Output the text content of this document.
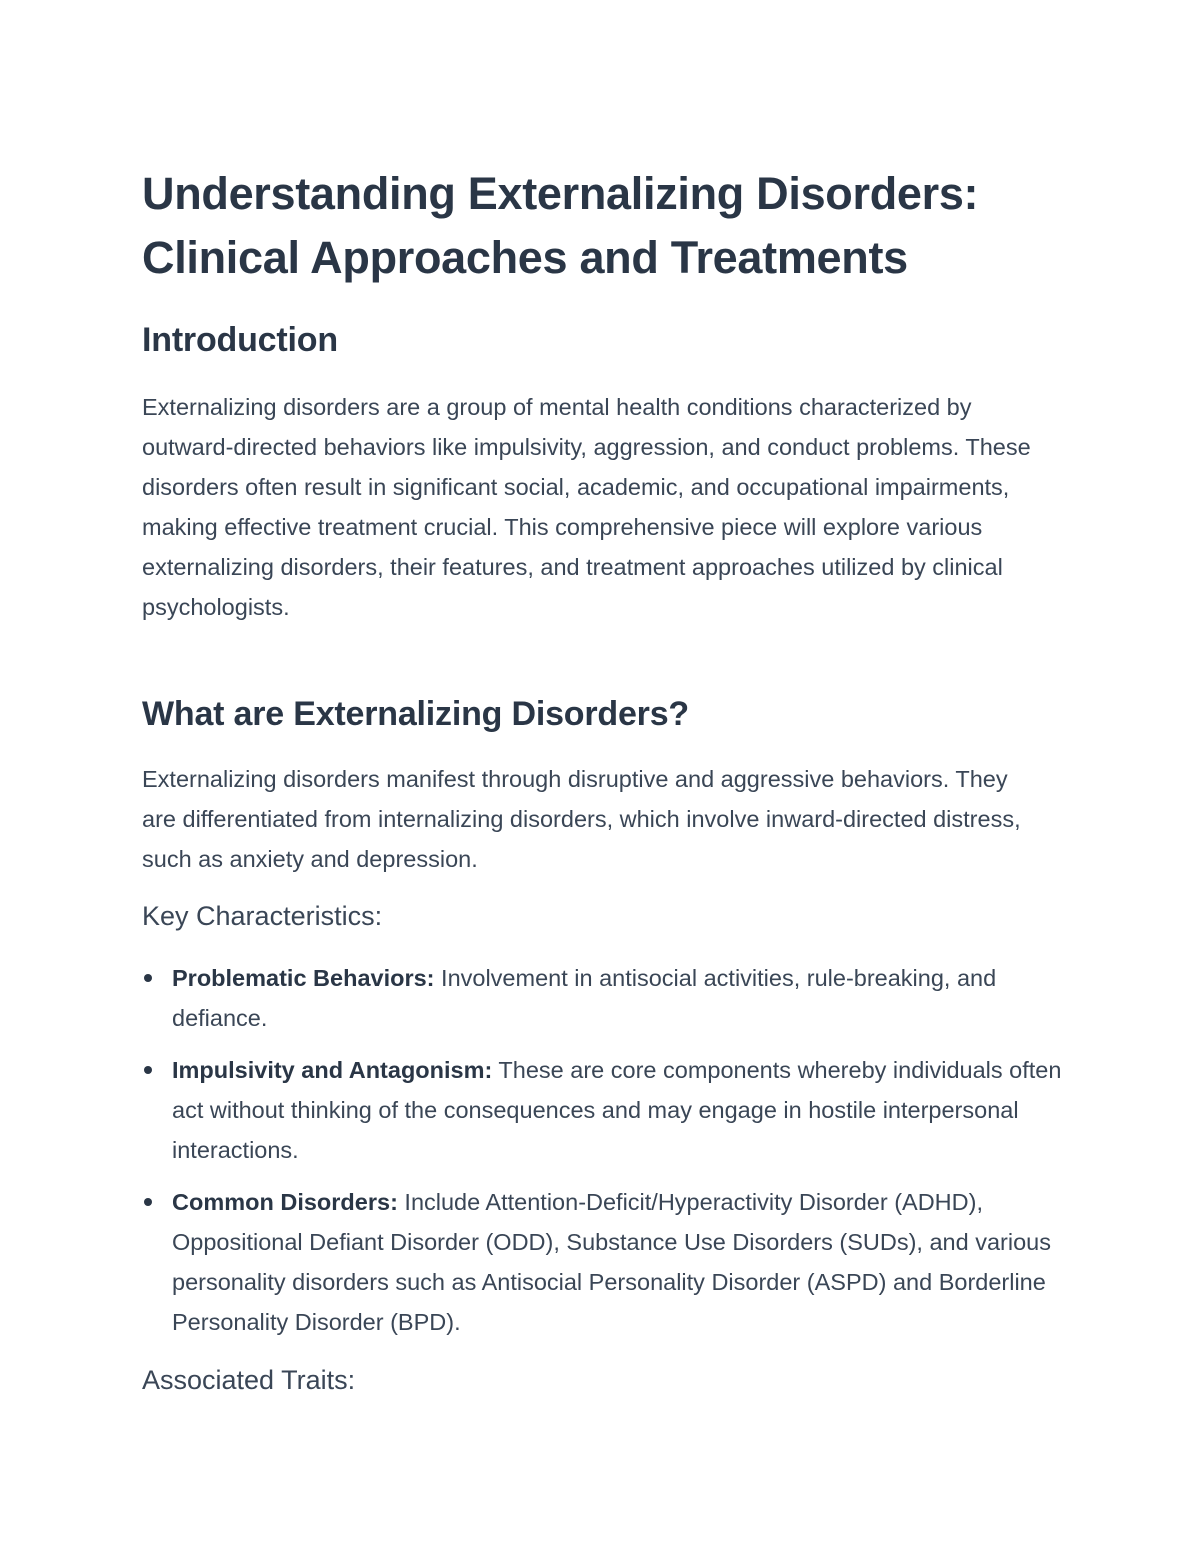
Understanding Externalizing Disorders: Clinical Approaches and Treatments
Introduction

Externalizing disorders are a group of mental health conditions characterized by outward-directed behaviors like impulsivity, aggression, and conduct problems. These disorders often result in significant social, academic, and occupational impairments, making effective treatment crucial. This comprehensive piece will explore various externalizing disorders, their features, and treatment approaches utilized by clinical psychologists.

What are Externalizing Disorders?

Externalizing disorders manifest through disruptive and aggressive behaviors. They are differentiated from internalizing disorders, which involve inward-directed distress, such as anxiety and depression.

Key Characteristics:
Problematic Behaviors: Involvement in antisocial activities, rule-breaking, and defiance.
Impulsivity and Antagonism: These are core components whereby individuals often act without thinking of the consequences and may engage in hostile interpersonal interactions.
Common Disorders: Include Attention-Deficit/Hyperactivity Disorder (ADHD), Oppositional Defiant Disorder (ODD), Substance Use Disorders (SUDs), and various personality disorders such as Antisocial Personality Disorder (ASPD) and Borderline Personality Disorder (BPD).
Associated Traits:
